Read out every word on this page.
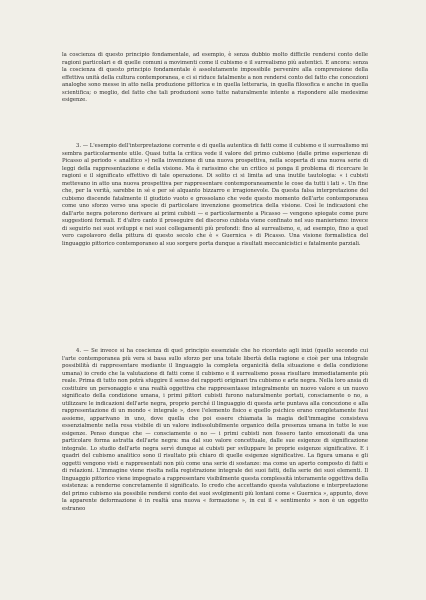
la coscienza di questo principio fondamentale, ad esempio, è senza dubbio molto difficile rendersi conto delle ragioni particolari e di quelle comuni a movimenti come il cubismo e il surrealismo più autentici. E ancora: senza la coscienza di questo principio fondamentale è assolutamente impossibile pervenire alla comprensione della effettiva unità della cultura contemporanea, e ci si riduce fatalmente a non rendersi conto del fatto che concezioni analoghe sono messe in atto nella produzione pittorica e in quella letteraria, in quella filosofica e anche in quella scientifica; o meglio, del fatto che tali produzioni sono tutte naturalmente intente a rispondere alle medesime esigenze.

3. — L'esempio dell'interpretazione corrente e di quella autentica di fatti come il cubismo e il surrealismo mi sembra particolarmente utile. Quasi tutta la critica vede il valore del primo cubismo (dalle prime esperienze di Picasso al periodo « analitico ») nella invenzione di una nuova prospettiva, nella scoperta di una nuova serie di leggi della rappresentazione e della visione. Ma è rarissimo che un critico si ponga il problema di ricercare le ragioni e il significato effettivo di tale operazione. Di solito ci si limita ad una inutile tautologia: « i cubisti mettevano in atto una nuova prospettiva per rappresentare contemporaneamente le cose da tutti i lati ». Un fine che, per la verità, sarebbe in sé e per sé alquanto bizzarro e irragionevole. Da questa falsa interpretazione del cubismo discende fatalmente il giudizio vuoto e grossolano che vede questo momento dell'arte contemporanea come uno sforzo verso una specie di particolare invenzione geometrica della visione. Così le indicazioni che dall'arte negra poterono derivare ai primi cubisti — e particolarmente a Picasso — vengono spiegate come pure suggestioni formali. E d'altro canto il proseguire del discorso cubista viene confinato nel suo manierismo: invece di seguirlo nei suoi sviluppi e nei suoi collegamenti più profondi: fino al surrealismo, e, ad esempio, fino a quel vero capolavoro della pittura di questo secolo che è « Guernica » di Picasso. Una visione formalistica del linguaggio pittorico contemporaneo al suo sorgere porta dunque a risultati meccanicistici e fatalmente parziali.

4. — Se invece si ha coscienza di quel principio essenziale che ho ricordato agli inizi (quello secondo cui l'arte contemporanea più vera si basa sullo sforzo per una totale libertà della ragione e cioè per una integrale possibilità di rappresentare mediante il linguaggio la completa organicità della situazione e della condizione umana) io credo che la valutazione di fatti come il cubismo e il surrealismo possa risultare immediatamente più reale. Prima di tutto non potrà sfuggire il senso dei rapporti originari tra cubismo e arte negra. Nella loro ansia di costituire un personaggio e una realtà oggettiva che rappresentasse integralmente un nuovo valore e un nuovo significato della condizione umana, i primi pittori cubisti furono naturalmente portati, consciamente o no, a utilizzare le indicazioni dell'arte negra, proprio perché il linguaggio di questa arte puntava alla concezione e alla rappresentazione di un mondo « integrale », dove l'elemento fisico e quello psichico erano completamente fusi assieme, apparivano in uno, dove quella che poi essere chiamata la magia dell'immagine consisteva essenzialmente nella resa visibile di un valore indissolubilmente organico della presenza umana in tutte le sue esigenze. Penso dunque che — consciamente o no — i primi cubisti non fossero tanto emozionati da una particolare forma astratta dell'arte negra: ma dal suo valore concettuale, dalle sue esigenze di significazione integrale. Lo studio dell'arte negra servì dunque ai cubisti per sviluppare le proprie esigenze significative. E i quadri del cubismo analitico sono il risultato più chiaro di quelle esigenze significative. La figura umana e gli oggetti vengono visti e rappresentati non più come una serie di sostanze: ma come un aperto composto di fatti e di relazioni. L'immagine viene risolta nella registrazione integrale dei suoi fatti, della serie dei suoi elementi. Il linguaggio pittorico viene impegnato a rappresentare visibilmente questa complessità interamente oggettiva della esistenza: a renderne concretamente il significato. Io credo che accettando questa valutazione e interpretazione del primo cubismo sia possibile rendersi conto dei suoi svolgimenti più lontani come « Guernica », appunto, dove la apparente deformazione è in realtà una nuova « formazione », in cui il « sentimento » non è un oggetto estraneo
